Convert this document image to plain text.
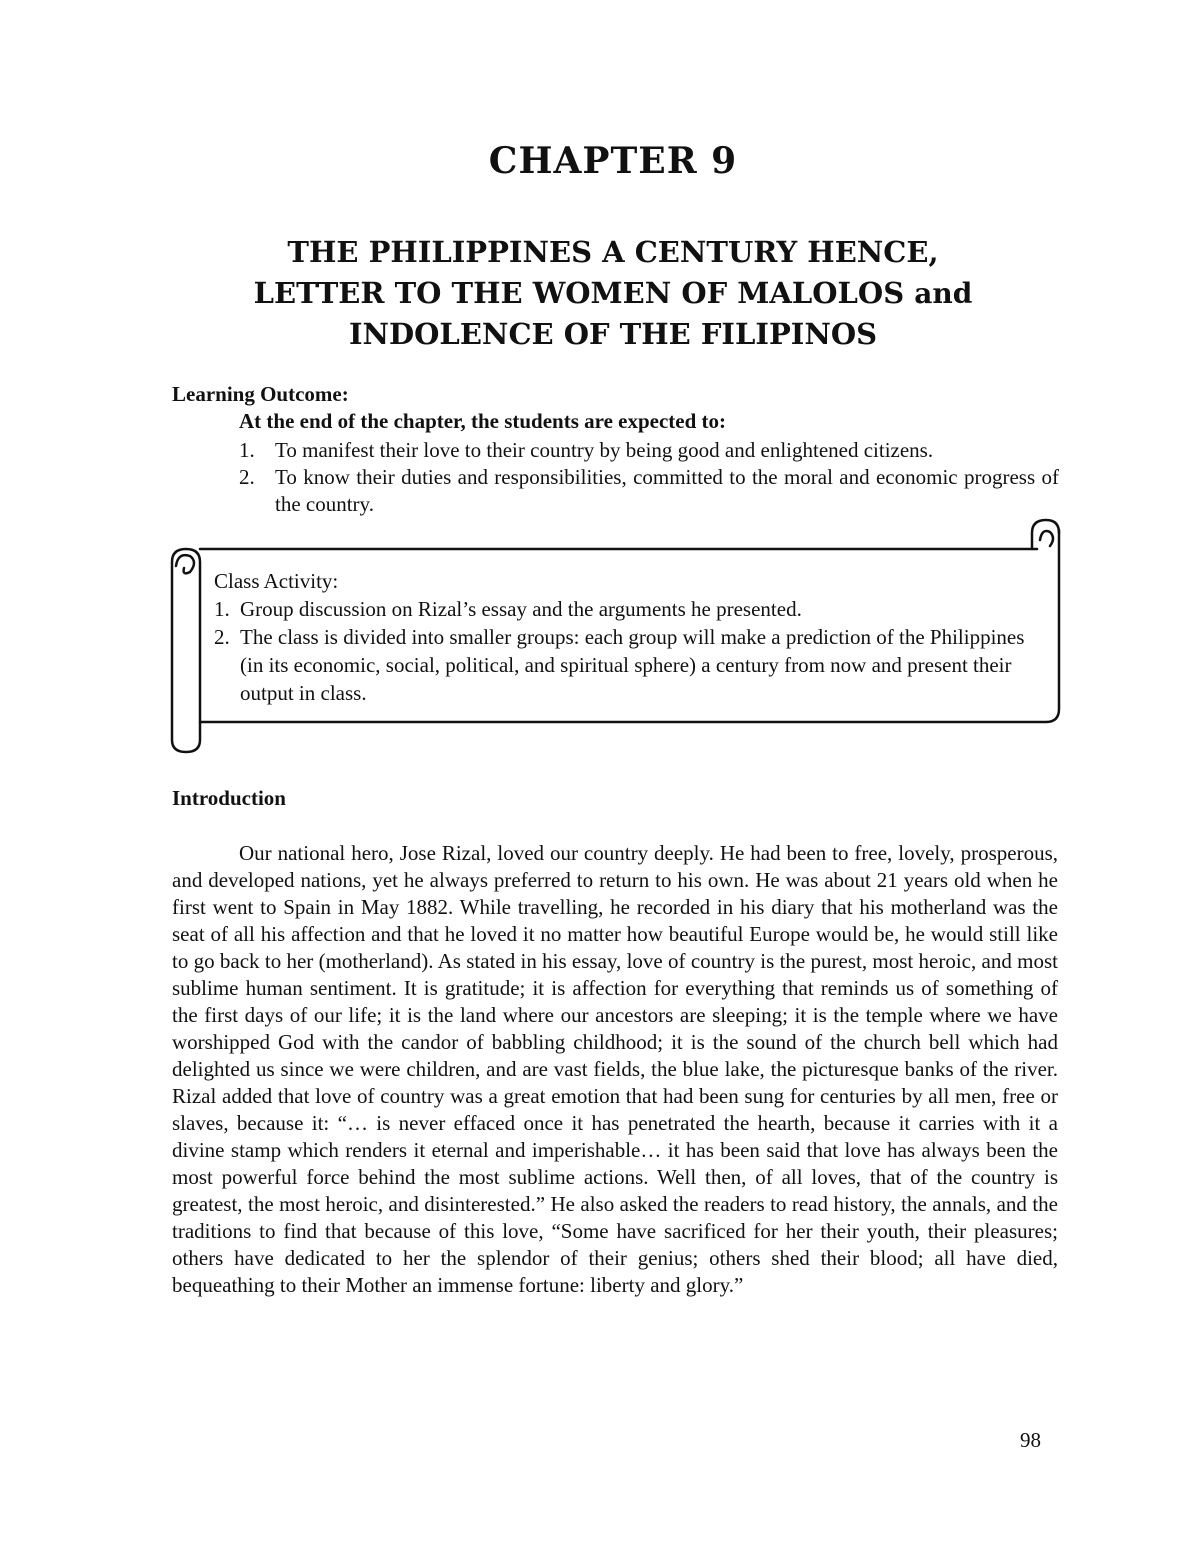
CHAPTER 9
THE PHILIPPINES A CENTURY HENCE,
LETTER TO THE WOMEN OF MALOLOS and
INDOLENCE OF THE FILIPINOS
Learning Outcome:
At the end of the chapter, the students are expected to:
1. To manifest their love to their country by being good and enlightened citizens.
2. To know their duties and responsibilities, committed to the moral and economic progress of the country.
Class Activity:
1. Group discussion on Rizal’s essay and the arguments he presented.
2. The class is divided into smaller groups: each group will make a prediction of the Philippines (in its economic, social, political, and spiritual sphere) a century from now and present their output in class.
Introduction

Our national hero, Jose Rizal, loved our country deeply. He had been to free, lovely, prosperous, and developed nations, yet he always preferred to return to his own. He was about 21 years old when he first went to Spain in May 1882. While travelling, he recorded in his diary that his motherland was the seat of all his affection and that he loved it no matter how beautiful Europe would be, he would still like to go back to her (motherland). As stated in his essay, love of country is the purest, most heroic, and most sublime human sentiment. It is gratitude; it is affection for everything that reminds us of something of the first days of our life; it is the land where our ancestors are sleeping; it is the temple where we have worshipped God with the candor of babbling childhood; it is the sound of the church bell which had delighted us since we were children, and are vast fields, the blue lake, the picturesque banks of the river. Rizal added that love of country was a great emotion that had been sung for centuries by all men, free or slaves, because it: “… is never effaced once it has penetrated the hearth, because it carries with it a divine stamp which renders it eternal and imperishable… it has been said that love has always been the most powerful force behind the most sublime actions. Well then, of all loves, that of the country is greatest, the most heroic, and disinterested.” He also asked the readers to read history, the annals, and the traditions to find that because of this love, “Some have sacrificed for her their youth, their pleasures; others have dedicated to her the splendor of their genius; others shed their blood; all have died, bequeathing to their Mother an immense fortune: liberty and glory.”

98
